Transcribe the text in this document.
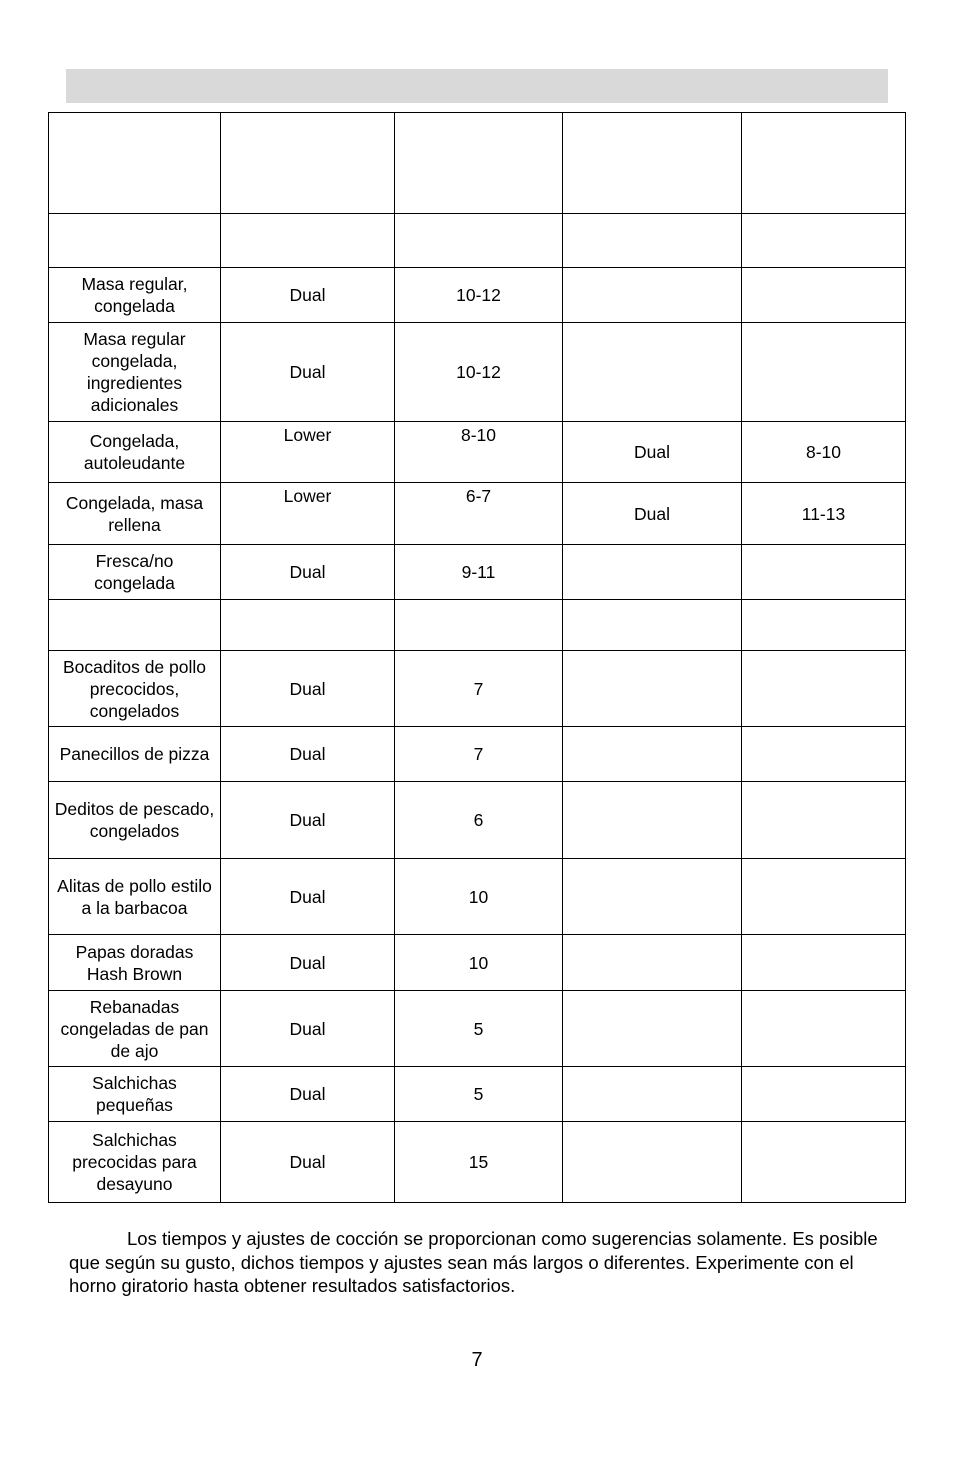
Masa regular, congelada	Dual	10-12		
Masa regular congelada, ingredientes adicionales	Dual	10-12		
Congelada, autoleudante	Lower	8-10	Dual	8-10
Congelada, masa rellena	Lower	6-7	Dual	11-13
Fresca/no congelada	Dual	9-11		

Bocaditos de pollo precocidos, congelados	Dual	7		
Panecillos de pizza	Dual	7		
Deditos de pescado, congelados	Dual	6		
Alitas de pollo estilo a la barbacoa	Dual	10		
Papas doradas Hash Brown	Dual	10		
Rebanadas congeladas de pan de ajo	Dual	5		
Salchichas pequeñas	Dual	5		
Salchichas precocidas para desayuno	Dual	15		
Los tiempos y ajustes de cocción se proporcionan como sugerencias solamente. Es posible que según su gusto, dichos tiempos y ajustes sean más largos o diferentes. Experimente con el horno giratorio hasta obtener resultados satisfactorios.
7
